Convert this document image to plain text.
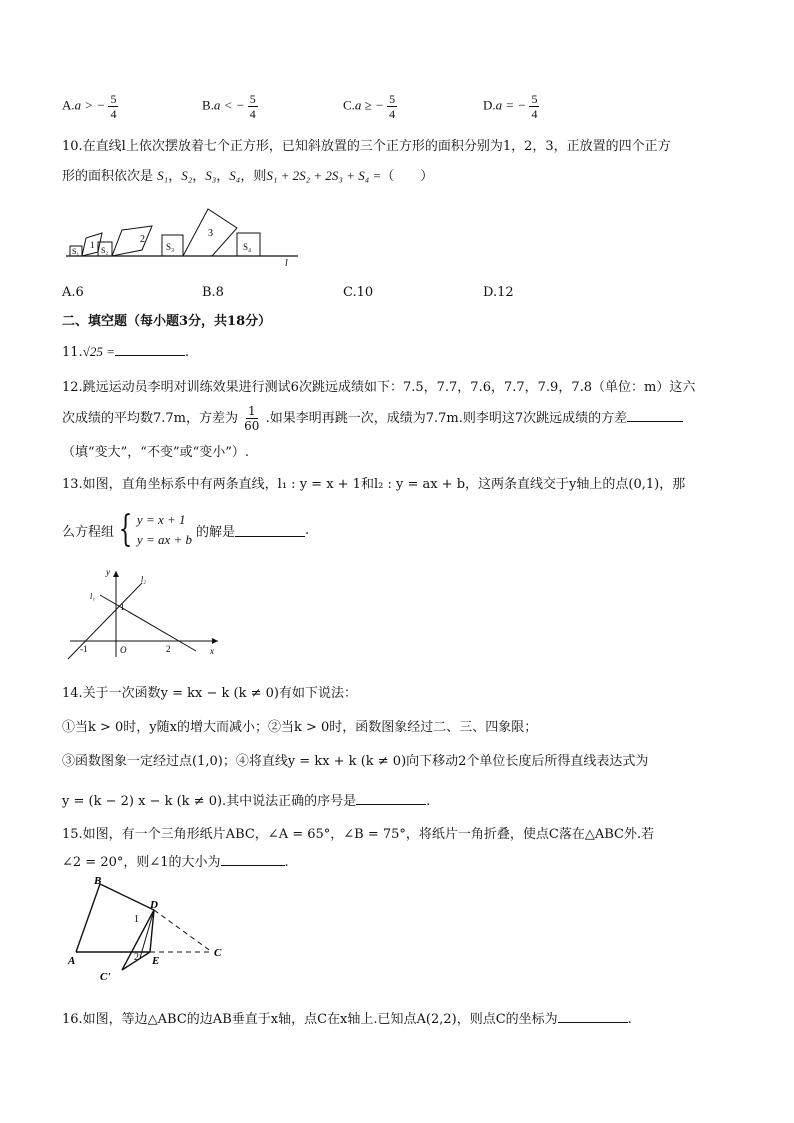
A.a > − $\frac{5}{4}$	B.a < − $\frac{5}{4}$	C.a ≥ − $\frac{5}{4}$	D.a = − $\frac{5}{4}$
10.在直线l上依次摆放着七个正方形，已知斜放置的三个正方形的面积分别为1，2，3，正放置的四个正方
形的面积依次是 S₁，S₂，S₃，S₄，则S₁ + 2S₂ + 2S₃ + S₄ =（　　）
S₁
1
S₂
2
S₃
3
S₄
l
A.6	B.8	C.10	D.12
二、填空题（每小题3分，共18分）
11.√25 =	.
12.跳远运动员李明对训练效果进行测试6次跳远成绩如下：7.5，7.7，7.6，7.7，7.9，7.8（单位：m）这六
次成绩的平均数7.7m，方差为 $\frac{1}{60}$ .如果李明再跳一次，成绩为7.7m.则李明这7次跳远成绩的方差
（填“变大”，“不变”或“变小”）.
13.如图，直角坐标系中有两条直线，l₁ : y = x + 1和l₂ : y = ax + b，这两条直线交于y轴上的点(0,1)，那
么方程组 { y = x + 1
y = ax + b 的解是	.
y
l₂
l₁
1
-1	O	2	x
14.关于一次函数y = kx − k (k ≠ 0)有如下说法：
①当k > 0时，y随x的增大而减小；②当k > 0时，函数图象经过二、三、四象限；
③函数图象一定经过点(1,0)；④将直线y = kx + k (k ≠ 0)向下移动2个单位长度后所得直线表达式为
y = (k − 2) x − k (k ≠ 0).其中说法正确的序号是	.
15.如图，有一个三角形纸片ABC，∠A = 65°，∠B = 75°，将纸片一角折叠，使点C落在△ABC外.若
∠2 = 20°，则∠1的大小为	.
B
D
1
C
A	2 E
C'
16.如图，等边△ABC的边AB垂直于x轴，点C在x轴上.已知点A(2,2)，则点C的坐标为	.
